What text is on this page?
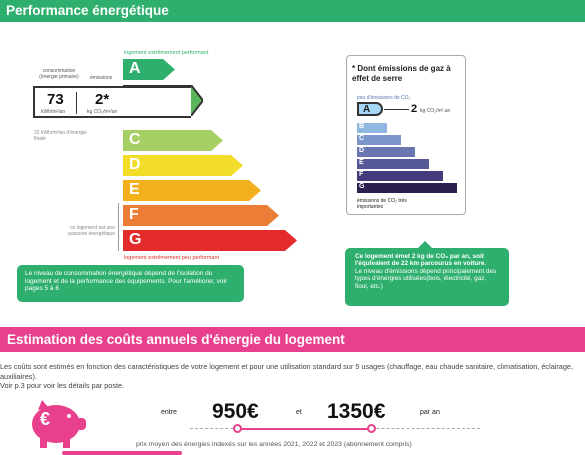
Performance énergétique
logement extrêmement performant
consommation (énergie primaire)	émissions
A
C
D
E
F
G
73
kWh/m²/an
2*
kg CO₂/m²/an
32 kWh/m²/an d'énergie finale
ce logement est une passoire énergétique
logement extrêmement peu performant
Le niveau de consommation énergétique dépend de l'isolation du logement et de la performance des équipements. Pour l'améliorer, voir pages 5 à 6
* Dont émissions de gaz à effet de serre
peu d'émissions de CO₂
A
B
C
D
E
F
G
2 kg CO₂/m².an
émissions de CO₂ très importantes
Ce logement émet 2 kg de CO₂ par an, soit l'équivalent de 22 km parcourus en voiture.
Le niveau d'émissions dépend principalement des types d'énergies utilisées(bois, électricité, gaz, fioul, etc.)
Estimation des coûts annuels d'énergie du logement
Les coûts sont estimés en fonction des caractéristiques de votre logement et pour une utilisation standard sur 5 usages (chauffage, eau chaude sanitaire, climatisation, éclairage, auxiliaires).
Voir p.3 pour voir les détails par poste.
€	entre 950€	et 1350€	par an
prix moyen des énergies indexés sur les années 2021, 2022 et 2023 (abonnement compris)
